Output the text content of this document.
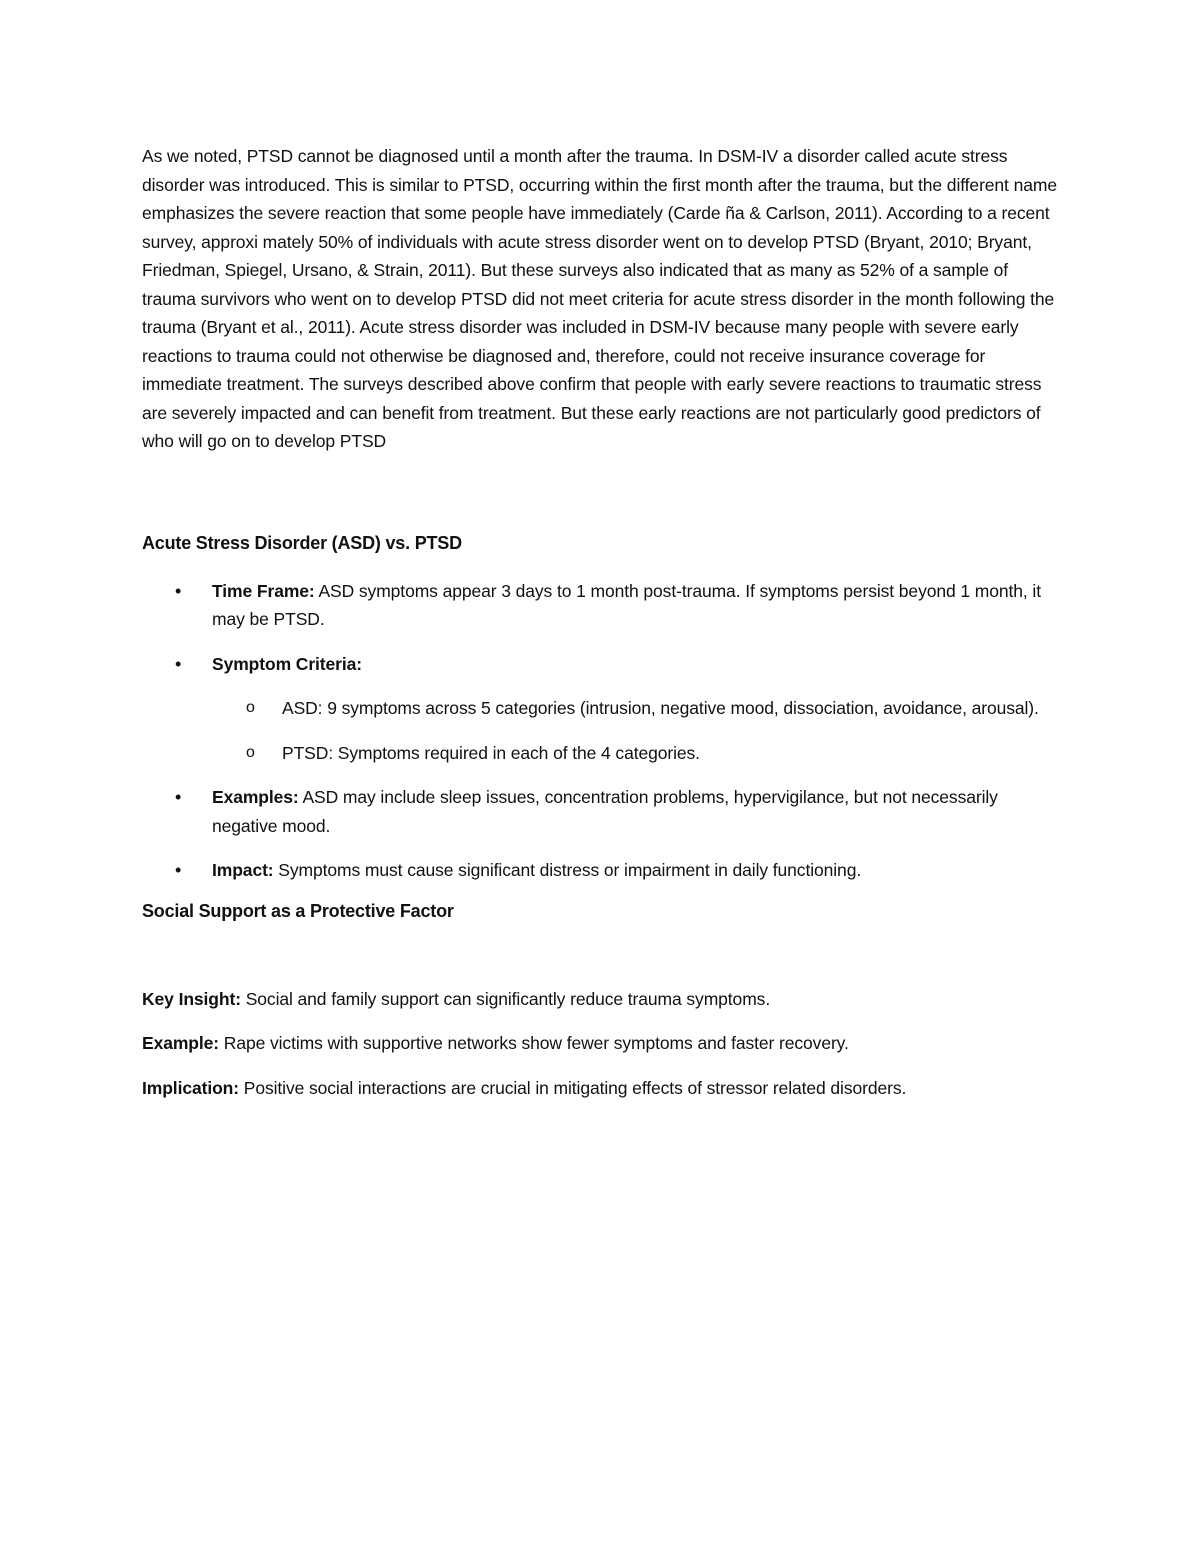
As we noted, PTSD cannot be diagnosed until a month after the trauma. In DSM-IV a disorder called acute stress disorder was introduced. This is similar to PTSD, occurring within the first month after the trauma, but the different name emphasizes the severe reaction that some people have immediately (Carde ña & Carlson, 2011). According to a recent survey, approxi mately 50% of individuals with acute stress disorder went on to develop PTSD (Bryant, 2010; Bryant, Friedman, Spiegel, Ursano, & Strain, 2011). But these surveys also indicated that as many as 52% of a sample of trauma survivors who went on to develop PTSD did not meet criteria for acute stress disorder in the month following the trauma (Bryant et al., 2011). Acute stress disorder was included in DSM-IV because many people with severe early reactions to trauma could not otherwise be diagnosed and, therefore, could not receive insurance coverage for immediate treatment. The surveys described above confirm that people with early severe reactions to traumatic stress are severely impacted and can benefit from treatment. But these early reactions are not particularly good predictors of who will go on to develop PTSD

Acute Stress Disorder (ASD) vs. PTSD
• Time Frame: ASD symptoms appear 3 days to 1 month post-trauma. If symptoms persist beyond 1 month, it may be PTSD.
• Symptom Criteria:
o ASD: 9 symptoms across 5 categories (intrusion, negative mood, dissociation, avoidance, arousal).
o PTSD: Symptoms required in each of the 4 categories.
• Examples: ASD may include sleep issues, concentration problems, hypervigilance, but not necessarily negative mood.
• Impact: Symptoms must cause significant distress or impairment in daily functioning.
Social Support as a Protective Factor

Key Insight: Social and family support can significantly reduce trauma symptoms.

Example: Rape victims with supportive networks show fewer symptoms and faster recovery.

Implication: Positive social interactions are crucial in mitigating effects of stressor related disorders.
